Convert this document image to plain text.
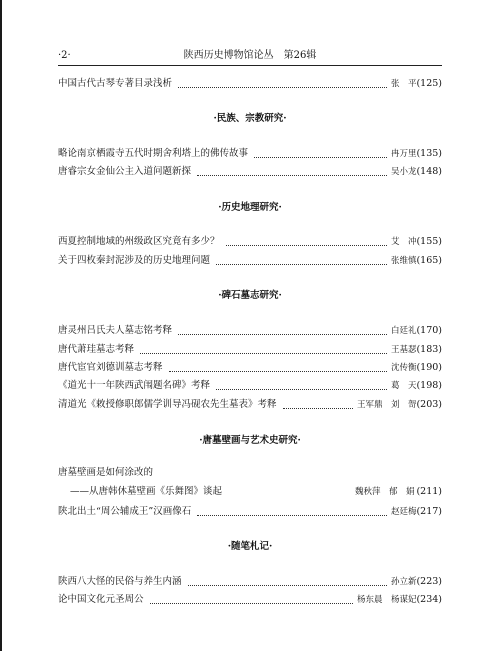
·2·	陕西历史博物馆论丛　第26辑
中国古代古琴专著目录浅析	张　平 (125)
·民族、宗教研究·
略论南京栖霞寺五代时期舍利塔上的佛传故事	冉万里 (135)
唐睿宗女金仙公主入道问题新探	吴小龙 (148)
·历史地理研究·
西夏控制地域的州级政区究竟有多少？	艾　冲 (155)
关于四枚秦封泥涉及的历史地理问题	张维慎 (165)
·碑石墓志研究·
唐灵州吕氏夫人墓志铭考释	白廷礼 (170)
唐代萧珪墓志考释	王基瑟 (183)
唐代宦官刘德训墓志考释	沈传衡 (190)
《道光十一年陕西武闱题名碑》考释	葛　天 (198)
清道光《敕授修职郎儒学训导冯砚农先生墓表》考释	王军鼎　刘　哿 (203)
·唐墓壁画与艺术史研究·
唐墓壁画是如何涂改的
——从唐韩休墓壁画《乐舞图》谈起	魏秋萍　郁　娟 (211)
陕北出土“周公辅成王”汉画像石	赵廷梅 (217)
·随笔札记·
陕西八大怪的民俗与养生内涵	孙立新 (223)
论中国文化元圣周公	杨东晨　杨谋妃 (234)
